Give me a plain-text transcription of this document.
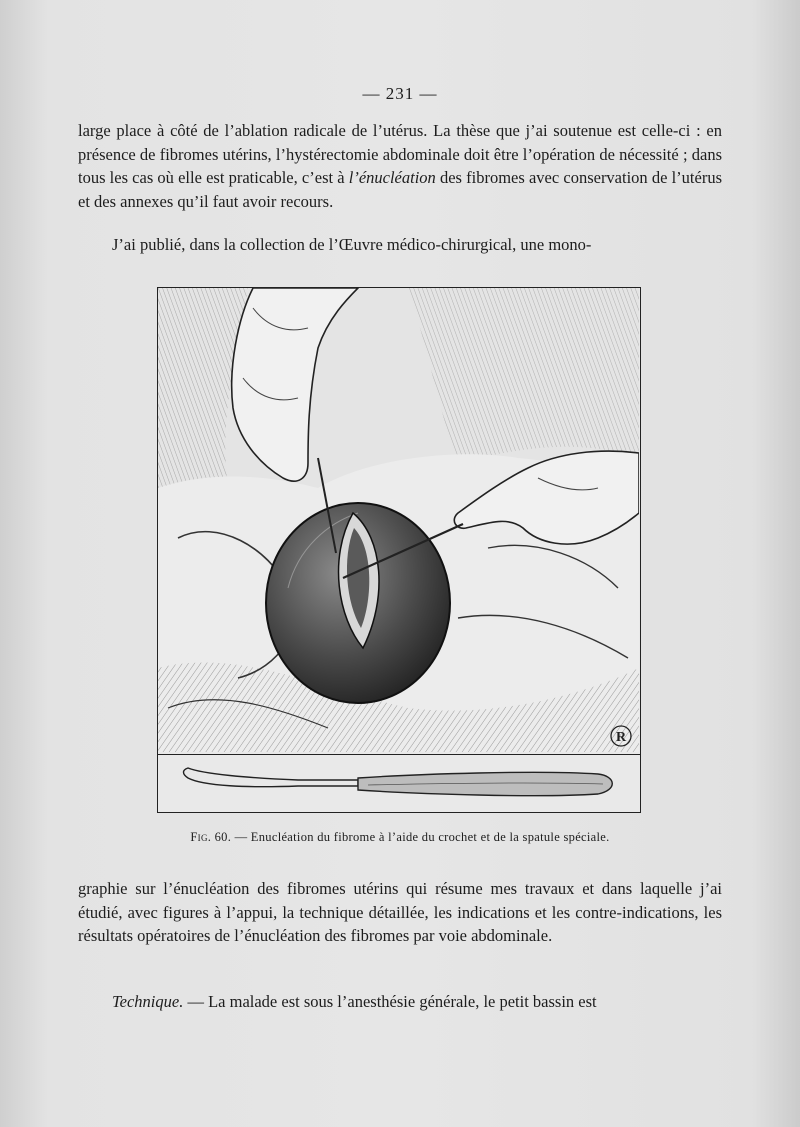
— 231 —

large place à côté de l’ablation radicale de l’utérus. La thèse que j’ai soutenue est celle-ci : en présence de fibromes utérins, l’hystérectomie abdominale doit être l’opération de nécessité ; dans tous les cas où elle est praticable, c’est à l’énucléation des fibromes avec conservation de l’utérus et des annexes qu’il faut avoir recours.

J’ai publié, dans la collection de l’Œuvre médico-chirurgical, une mono-

R
Fig. 60. — Enucléation du fibrome à l’aide du crochet et de la spatule spéciale.

graphie sur l’énucléation des fibromes utérins qui résume mes travaux et dans laquelle j’ai étudié, avec figures à l’appui, la technique détaillée, les indications et les contre-indications, les résultats opératoires de l’énucléation des fibromes par voie abdominale.

Technique. — La malade est sous l’anesthésie générale, le petit bassin est
